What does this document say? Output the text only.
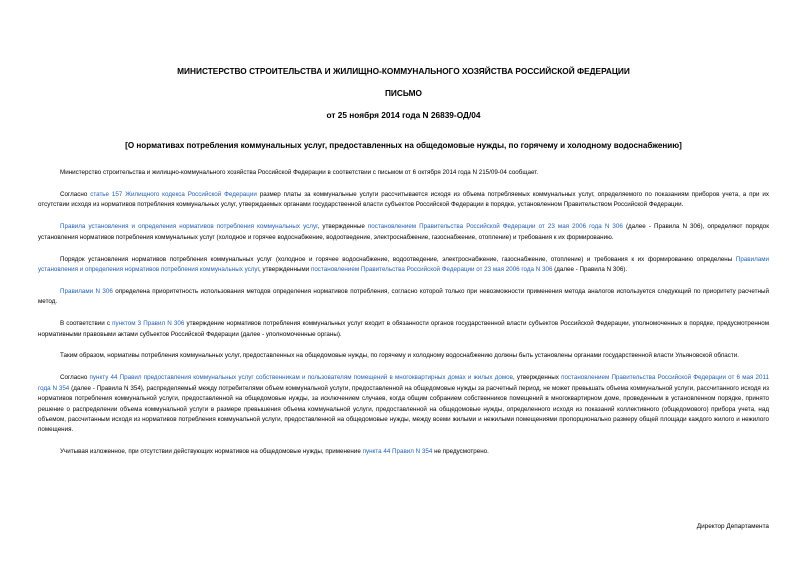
МИНИСТЕРСТВО СТРОИТЕЛЬСТВА И ЖИЛИЩНО-КОММУНАЛЬНОГО ХОЗЯЙСТВА РОССИЙСКОЙ ФЕДЕРАЦИИ
ПИСЬМО
от 25 ноября 2014 года N 26839-ОД/04
[О нормативах потребления коммунальных услуг, предоставленных на общедомовые нужды, по горячему и холодному водоснабжению]

Министерство строительства и жилищно-коммунального хозяйства Российской Федерации в соответствии с письмом от 6 октября 2014 года N 215/09-04 сообщает.

Согласно статье 157 Жилищного кодекса Российской Федерации размер платы за коммунальные услуги рассчитывается исходя из объема потребляемых коммунальных услуг, определяемого по показаниям приборов учета, а при их отсутствии исходя из нормативов потребления коммунальных услуг, утверждаемых органами государственной власти субъектов Российской Федерации в порядке, установленном Правительством Российской Федерации.

Правила установления и определения нормативов потребления коммунальных услуг, утвержденные постановлением Правительства Российской Федерации от 23 мая 2006 года N 306 (далее - Правила N 306), определяют порядок установления нормативов потребления коммунальных услуг (холодное и горячее водоснабжение, водоотведение, электроснабжение, газоснабжение, отопление) и требования к их формированию.

Порядок установления нормативов потребления коммунальных услуг (холодное и горячее водоснабжение, водоотведение, электроснабжение, газоснабжение, отопление) и требования к их формированию определены Правилами установления и определения нормативов потребления коммунальных услуг, утвержденными постановлением Правительства Российской Федерации от 23 мая 2006 года N 306 (далее - Правила N 306).

Правилами N 306 определена приоритетность использования методов определения нормативов потребления, согласно которой только при невозможности применения метода аналогов используется следующий по приоритету расчетный метод.

В соответствии с пунктом 3 Правил N 306 утверждение нормативов потребления коммунальных услуг входит в обязанности органов государственной власти субъектов Российской Федерации, уполномоченных в порядке, предусмотренном нормативными правовыми актами субъектов Российской Федерации (далее - уполномоченные органы).

Таким образом, нормативы потребления коммунальных услуг, предоставленных на общедомовые нужды, по горячему и холодному водоснабжению должны быть установлены органами государственной власти Ульяновской области.

Согласно пункту 44 Правил предоставления коммунальных услуг собственникам и пользователям помещений в многоквартирных домах и жилых домов, утвержденных постановлением Правительства Российской Федерации от 6 мая 2011 года N 354 (далее - Правила N 354), распределяемый между потребителями объем коммунальной услуги, предоставленной на общедомовые нужды за расчетный период, не может превышать объема коммунальной услуги, рассчитанного исходя из нормативов потребления коммунальной услуги, предоставленной на общедомовые нужды, за исключением случаев, когда общим собранием собственников помещений в многоквартирном доме, проведенным в установленном порядке, принято решение о распределении объема коммунальной услуги в размере превышения объема коммунальной услуги, предоставленной на общедомовые нужды, определенного исходя из показаний коллективного (общедомового) прибора учета, над объемом, рассчитанным исходя из нормативов потребления коммунальной услуги, предоставленной на общедомовые нужды, между всеми жилыми и нежилыми помещениями пропорционально размеру общей площади каждого жилого и нежилого помещения.

Учитывая изложенное, при отсутствии действующих нормативов на общедомовые нужды, применение пункта 44 Правил N 354 не предусмотрено.

Директор Департамента
